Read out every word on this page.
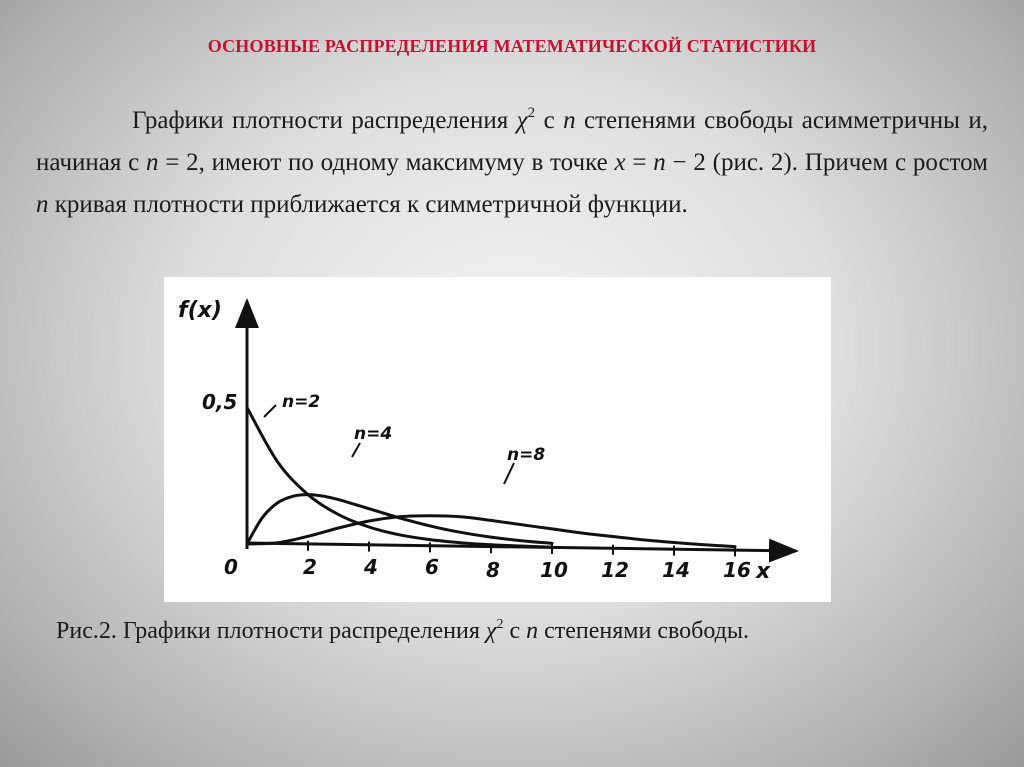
ОСНОВНЫЕ РАСПРЕДЕЛЕНИЯ МАТЕМАТИЧЕСКОЙ СТАТИСТИКИ
Графики плотности распределения $\chi^2$ с n степенями свободы асимметричны и, начиная с n = 2, имеют по одному максимуму в точке x = n − 2 (рис. 2). Причем с ростом n кривая плотности приближается к симметричной функции.
f(x)
x
0,5
0	2 4 6 8 10 12 14 16
n=2
n=4
n=8
Рис.2. Графики плотности распределения $\chi^2$ с n степенями свободы.
